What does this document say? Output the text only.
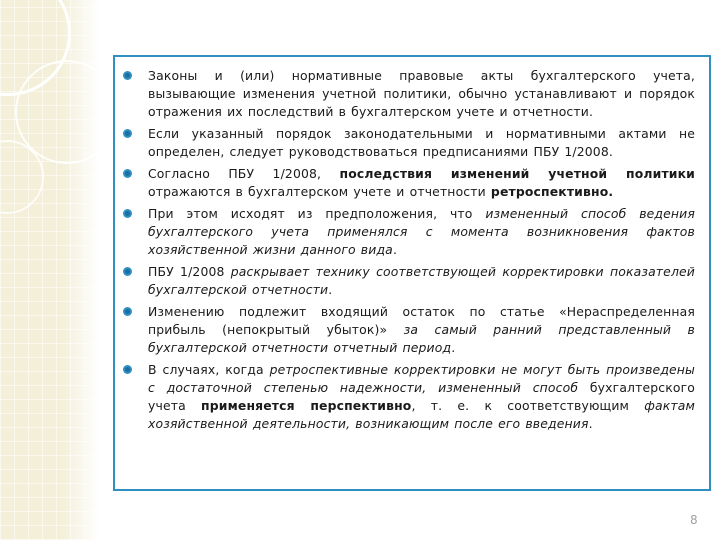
Законы и (или) нормативные правовые акты бухгалтерского учета, вызывающие изменения учетной политики, обычно устанавливают и порядок отражения их последствий в бухгалтерском учете и отчетности.
Если указанный порядок законодательными и нормативными актами не определен, следует руководствоваться предписаниями ПБУ 1/2008.
Согласно ПБУ 1/2008, последствия изменений учетной политики отражаются в бухгалтерском учете и отчетности ретроспективно.
При этом исходят из предположения, что измененный способ ведения бухгалтерского учета применялся с момента возникновения фактов хозяйственной жизни данного вида.
ПБУ 1/2008 раскрывает технику соответствующей корректировки показателей бухгалтерской отчетности.
Изменению подлежит входящий остаток по статье «Нераспределенная прибыль (непокрытый убыток)» за самый ранний представленный в бухгалтерской отчетности отчетный период.
В случаях, когда ретроспективные корректировки не могут быть произведены с достаточной степенью надежности, измененный способ бухгалтерского учета применяется перспективно, т. е. к соответствующим фактам хозяйственной деятельности, возникающим после его введения.
8
